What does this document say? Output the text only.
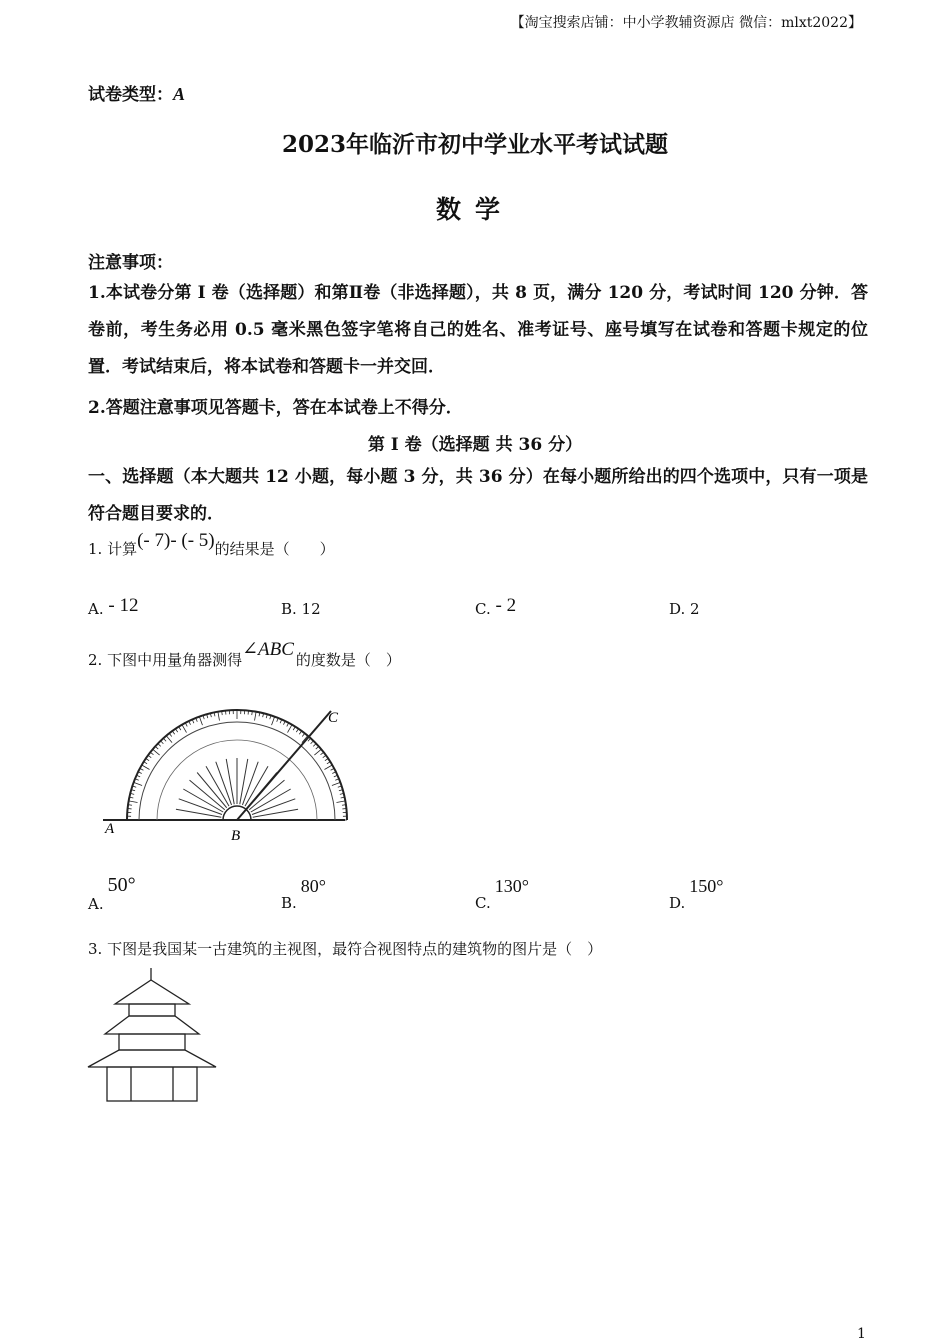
【淘宝搜索店铺：中小学教辅资源店 微信：mlxt2022】
试卷类型：A
2023年临沂市初中学业水平考试试题
数学
注意事项：
1.本试卷分第 I 卷（选择题）和第Ⅱ卷（非选择题），共 8 页，满分 120 分，考试时间 120 分钟．答卷前，考生务必用 0.5 毫米黑色签字笔将自己的姓名、准考证号、座号填写在试卷和答题卡规定的位置．考试结束后，将本试卷和答题卡一并交回．
2.答题注意事项见答题卡，答在本试卷上不得分．
第 I 卷（选择题 共 36 分）
一、选择题（本大题共 12 小题，每小题 3 分，共 36 分）在每小题所给出的四个选项中，只有一项是符合题目要求的．
1. 计算(- 7)- (- 5)的结果是（　　）
A. - 12	B. 12	C. - 2	D. 2
2. 下图中用量角器测得∠ABC 的度数是（　）
A	B
C
A.50°
B.80°
C.130°
D.150°
3. 下图是我国某一古建筑的主视图，最符合视图特点的建筑物的图片是（　）
1
